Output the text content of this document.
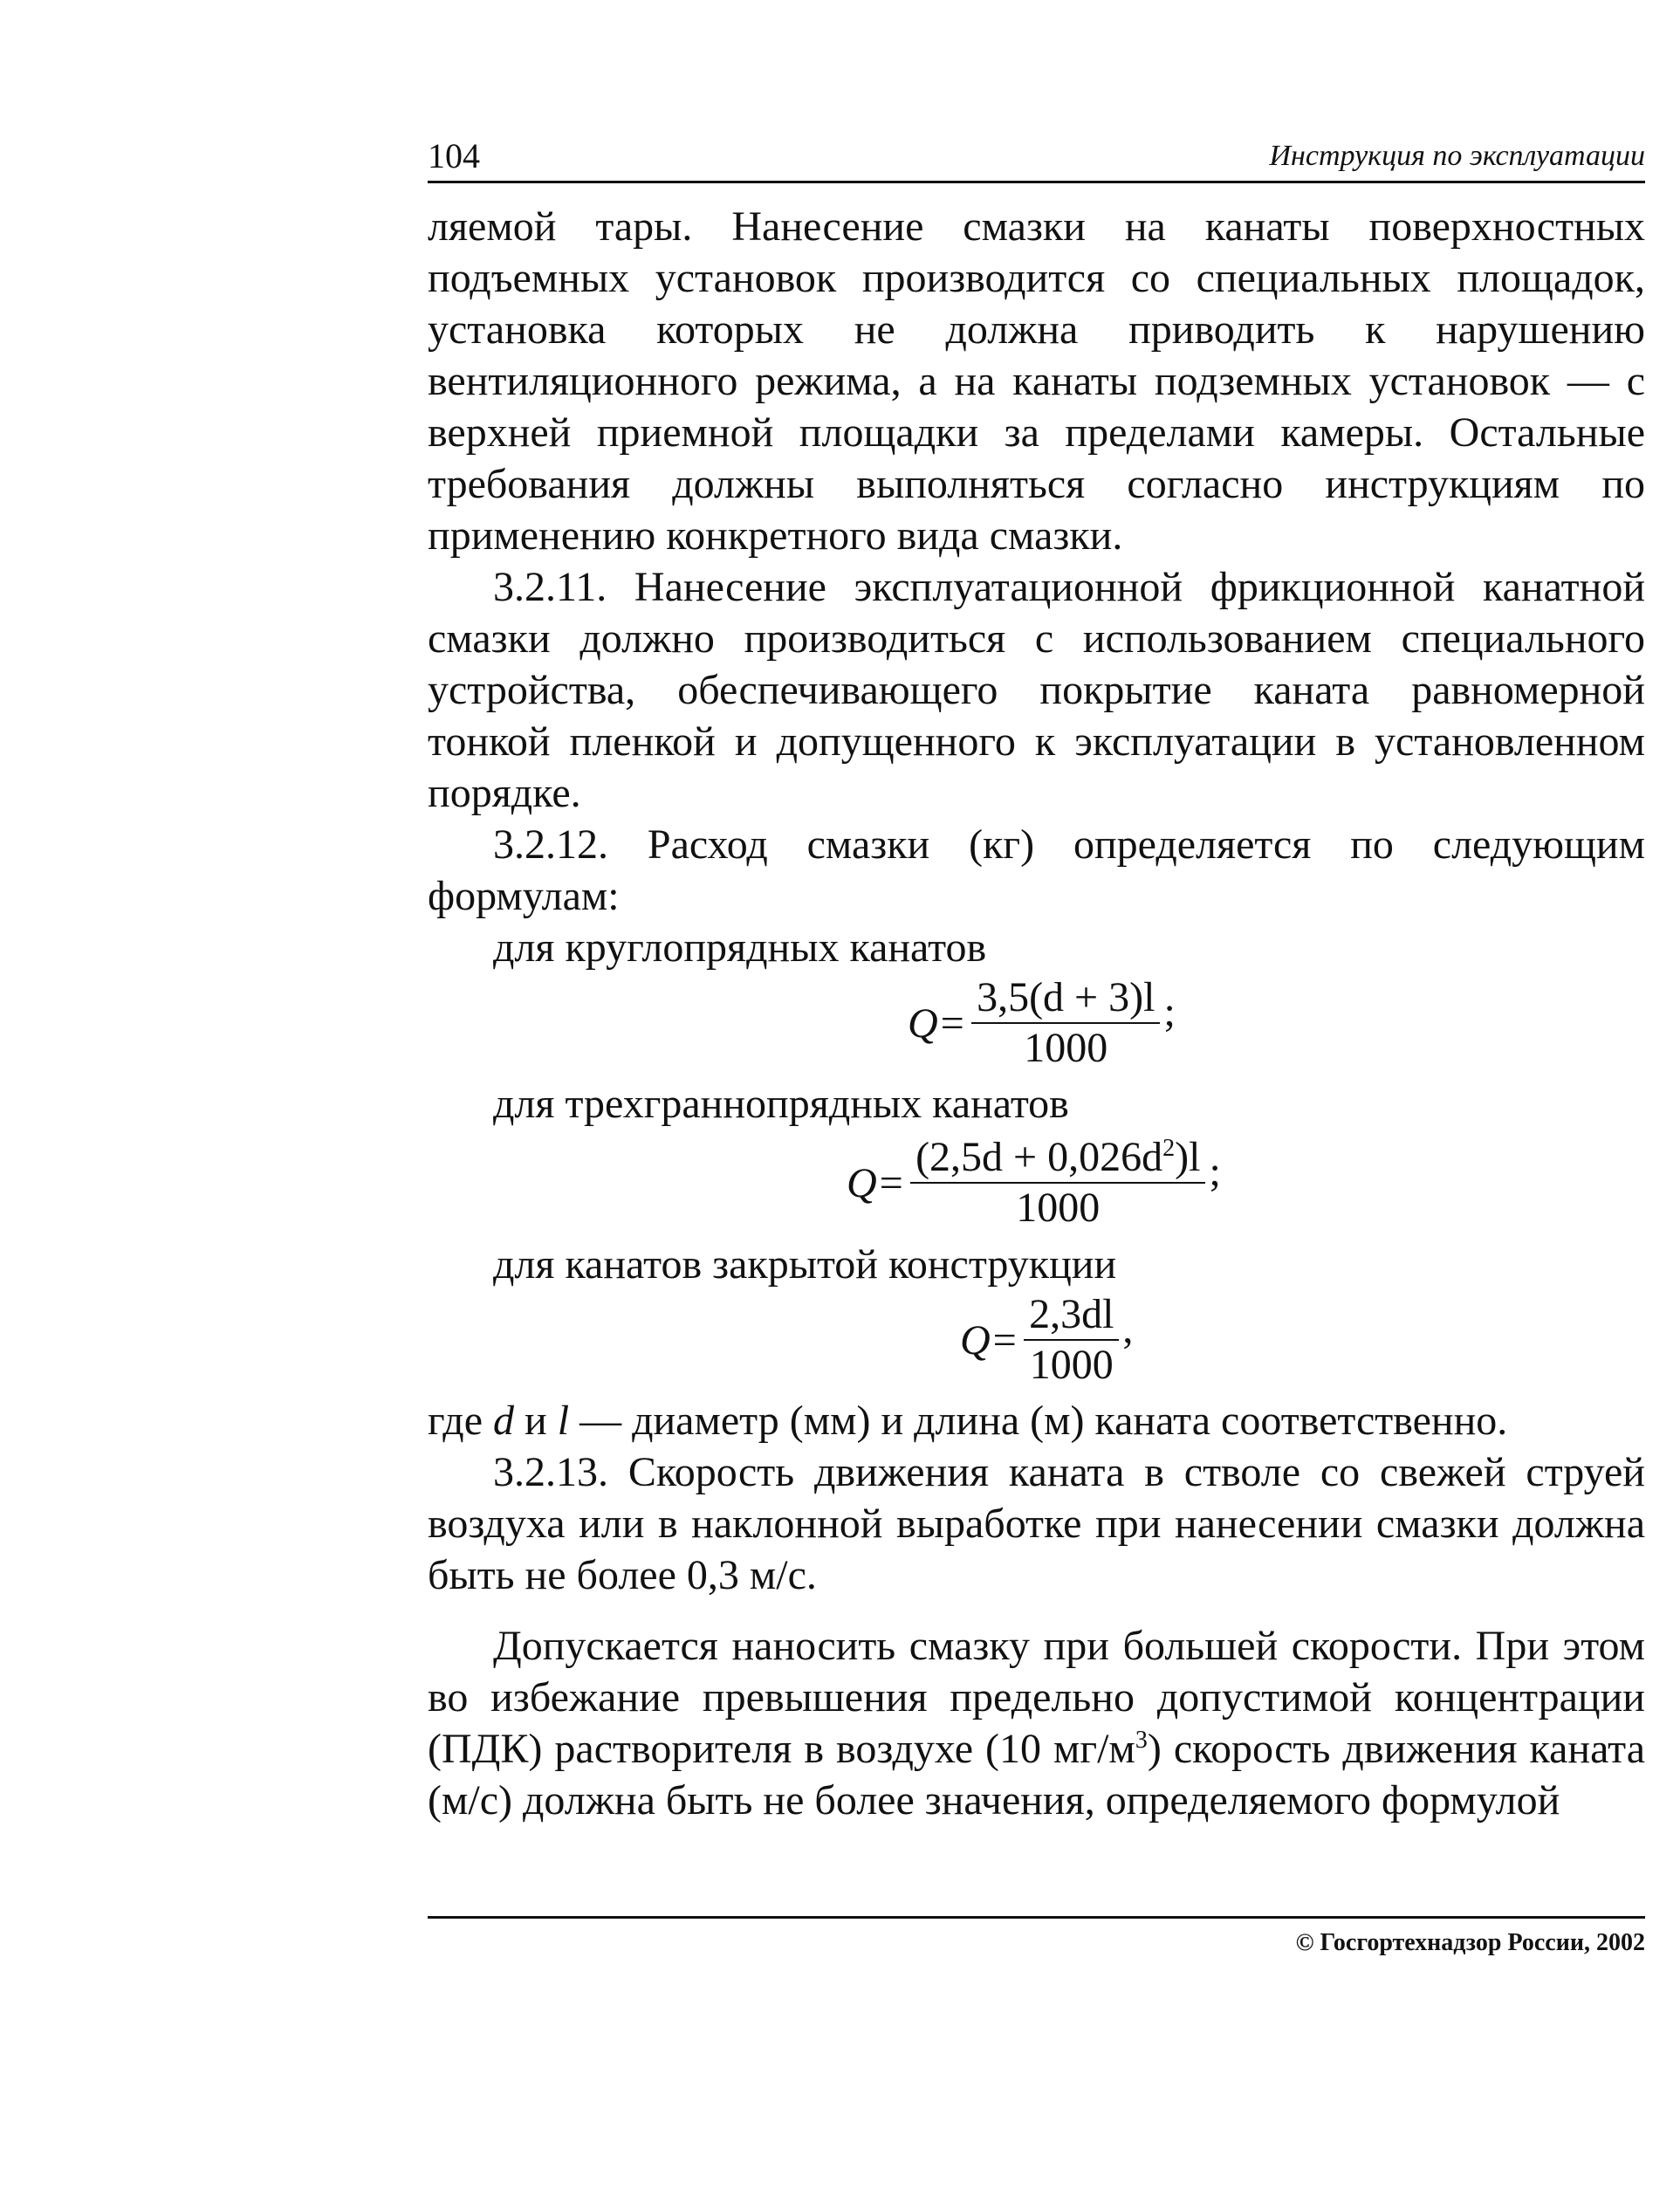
104	Инструкция по эксплуатации

ляемой тары. Нанесение смазки на канаты поверхностных подъемных установок производится со специальных площадок, установка которых не должна приводить к нарушению вентиляционного режима, а на канаты подземных установок — с верхней приемной площадки за пределами камеры. Остальные требования должны выполняться согласно инструкциям по применению конкретного вида смазки.

3.2.11. Нанесение эксплуатационной фрикционной канатной смазки должно производиться с использованием специального устройства, обеспечивающего покрытие каната равномерной тонкой пленкой и допущенного к эксплуатации в установленном порядке.

3.2.12. Расход смазки (кг) определяется по следующим формулам:

для круглопрядных канатов

$Q= \frac{3,5(d + 3)l}{1000}$ ;

для трехграннопрядных канатов

$Q= \frac{(2,5d + 0,026d^2)l}{1000}$ ;

для канатов закрытой конструкции

$Q= \frac{2,3dl}{1000}$ ,

где d и l — диаметр (мм) и длина (м) каната соответственно.

3.2.13. Скорость движения каната в стволе со свежей струей воздуха или в наклонной выработке при нанесении смазки должна быть не более 0,3 м/с.

Допускается наносить смазку при большей скорости. При этом во избежание превышения предельно допустимой концентрации (ПДК) растворителя в воздухе (10 $мг/м^3$) скорость движения каната (м/с) должна быть не более значения, определяемого формулой

© Госгортехнадзор России, 2002
